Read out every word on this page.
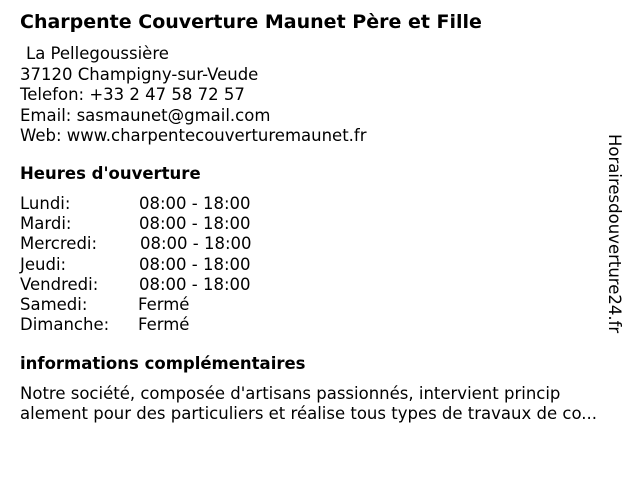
Charpente Couverture Maunet Père et Fille
La Pellegoussière
37120 Champigny-sur-Veude
Telefon: +33 2 47 58 72 57
Email: sasmaunet@gmail.com
Web: www.charpentecouverturemaunet.fr
Heures d'ouverture
Lundi:	08:00 - 18:00
Mardi:	08:00 - 18:00
Mercredi:	08:00 - 18:00
Jeudi:	08:00 - 18:00
Vendredi: 08:00 - 18:00
Samedi:	Fermé
Dimanche: Fermé
informations complémentaires
Notre société, composée d'artisans passionnés, intervient princip
alement pour des particuliers et réalise tous types de travaux de co...
Horairesdouverture24.fr
